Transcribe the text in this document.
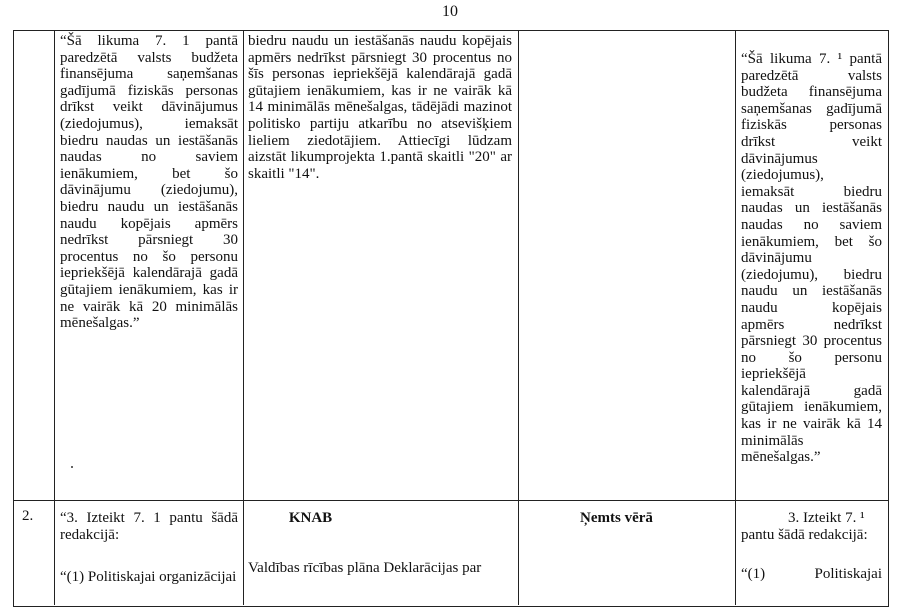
10
“Šā likuma 7. 1 pantā paredzētā valsts budžeta finansējuma saņemšanas gadījumā fiziskās personas drīkst veikt dāvinājumus (ziedojumus), iemaksāt biedru naudas un iestāšanās naudas no saviem ienākumiem, bet šo dāvinājumu (ziedojumu), biedru naudu un iestāšanās naudu kopējais apmērs nedrīkst pārsniegt 30 procentus no šo personu iepriekšējā kalendārajā gadā gūtajiem ienākumiem, kas ir ne vairāk kā 20 minimālās mēnešalgas.”
biedru naudu un iestāšanās naudu kopējais apmērs nedrīkst pārsniegt 30 procentus no šīs personas iepriekšējā kalendārajā gadā gūtajiem ienākumiem, kas ir ne vairāk kā 14 minimālās mēnešalgas, tādējādi mazinot politisko partiju atkarību no atsevišķiem lieliem ziedotājiem. Attiecīgi lūdzam aizstāt likumprojekta 1.pantā skaitli "20" ar skaitli "14".
“Šā likuma 7. ¹ pantā
paredzētā valsts
budžeta finansējuma
saņemšanas gadījumā
fiziskās personas
drīkst veikt
dāvinājumus
(ziedojumus),
iemaksāt biedru
naudas un iestāšanās
naudas no saviem
ienākumiem, bet šo
dāvinājumu
(ziedojumu), biedru
naudu un iestāšanās
naudu kopējais
apmērs nedrīkst
pārsniegt 30 procentus
no šo personu
iepriekšējā
kalendārajā gadā
gūtajiem ienākumiem,
kas ir ne vairāk kā 14
minimālās
mēnešalgas.”
2. “3. Izteikt 7. 1 pantu šādā redakcijā:
“(1) Politiskajai organizācijai
KNAB
Valdības rīcības plāna Deklarācijas par
Ņemts vērā	3. Izteikt 7. ¹
pantu šādā redakcijā:
“(1) Politiskajai
